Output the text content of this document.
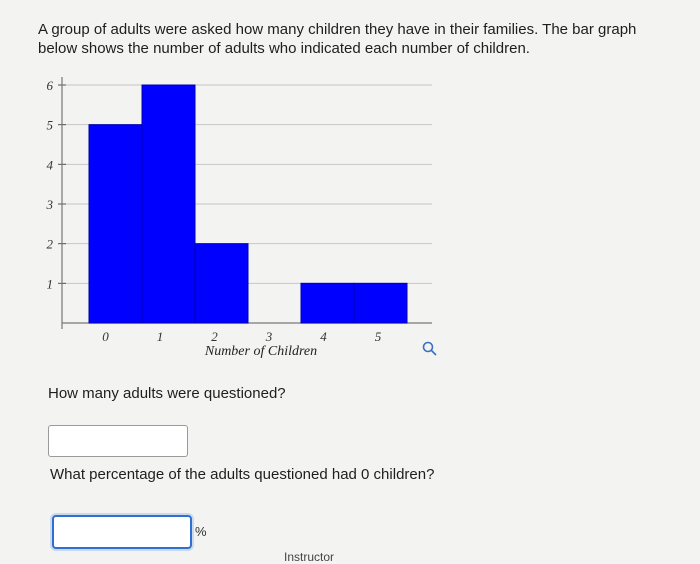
A group of adults were asked how many children they have in their families. The bar graph below shows the number of adults who indicated each number of children.
1
2
3
4
5
6
0	1	2	3	4	5
Number of Children
How many adults were questioned?
What percentage of the adults questioned had 0 children?
%
Instructor
